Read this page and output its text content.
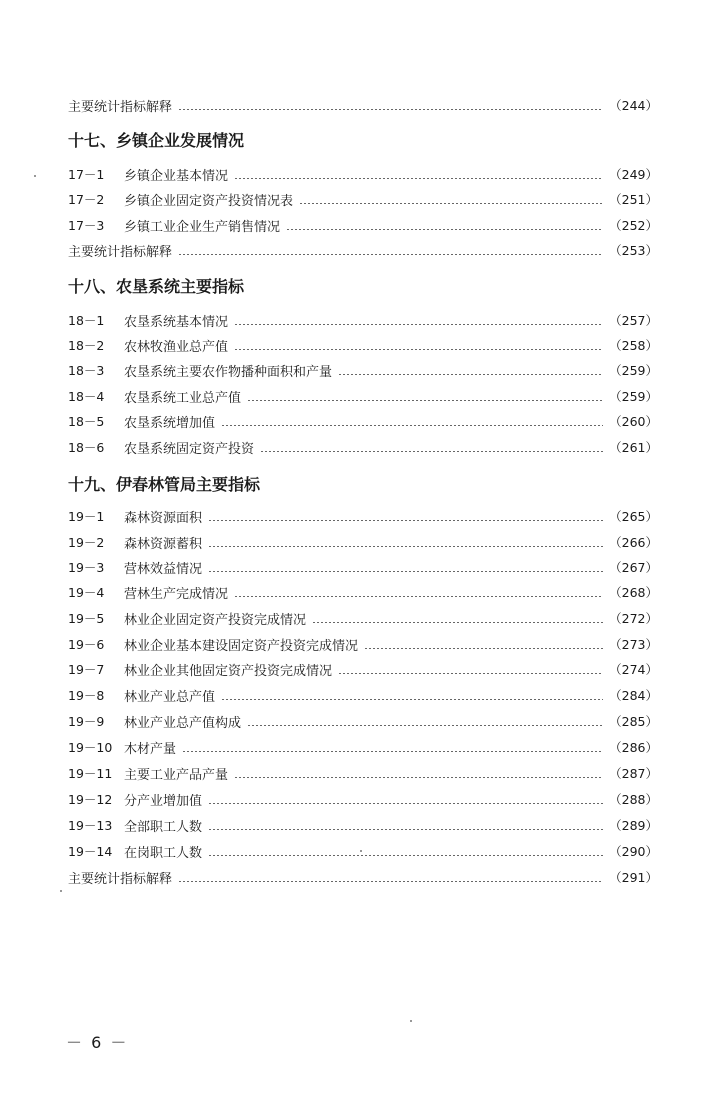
主要统计指标解释	（244）
十七、乡镇企业发展情况
17－1	乡镇企业基本情况	（249）
17－2	乡镇企业固定资产投资情况表	（251）
17－3	乡镇工业企业生产销售情况	（252）
主要统计指标解释	（253）
十八、农垦系统主要指标
18－1	农垦系统基本情况	（257）
18－2	农林牧渔业总产值	（258）
18－3	农垦系统主要农作物播种面积和产量	（259）
18－4	农垦系统工业总产值	（259）
18－5	农垦系统增加值	（260）
18－6	农垦系统固定资产投资	（261）
十九、伊春林管局主要指标
19－1	森林资源面积	（265）
19－2	森林资源蓄积	（266）
19－3	营林效益情况	（267）
19－4	营林生产完成情况	（268）
19－5	林业企业固定资产投资完成情况	（272）
19－6	林业企业基本建设固定资产投资完成情况	（273）
19－7	林业企业其他固定资产投资完成情况	（274）
19－8	林业产业总产值	（284）
19－9	林业产业总产值构成	（285）
19－10 木材产量	（286）
19－11 主要工业产品产量	（287）
19－12 分产业增加值	（288）
19－13 全部职工人数	（289）
19－14 在岗职工人数	（290）
主要统计指标解释	（291）
－ 6 －
